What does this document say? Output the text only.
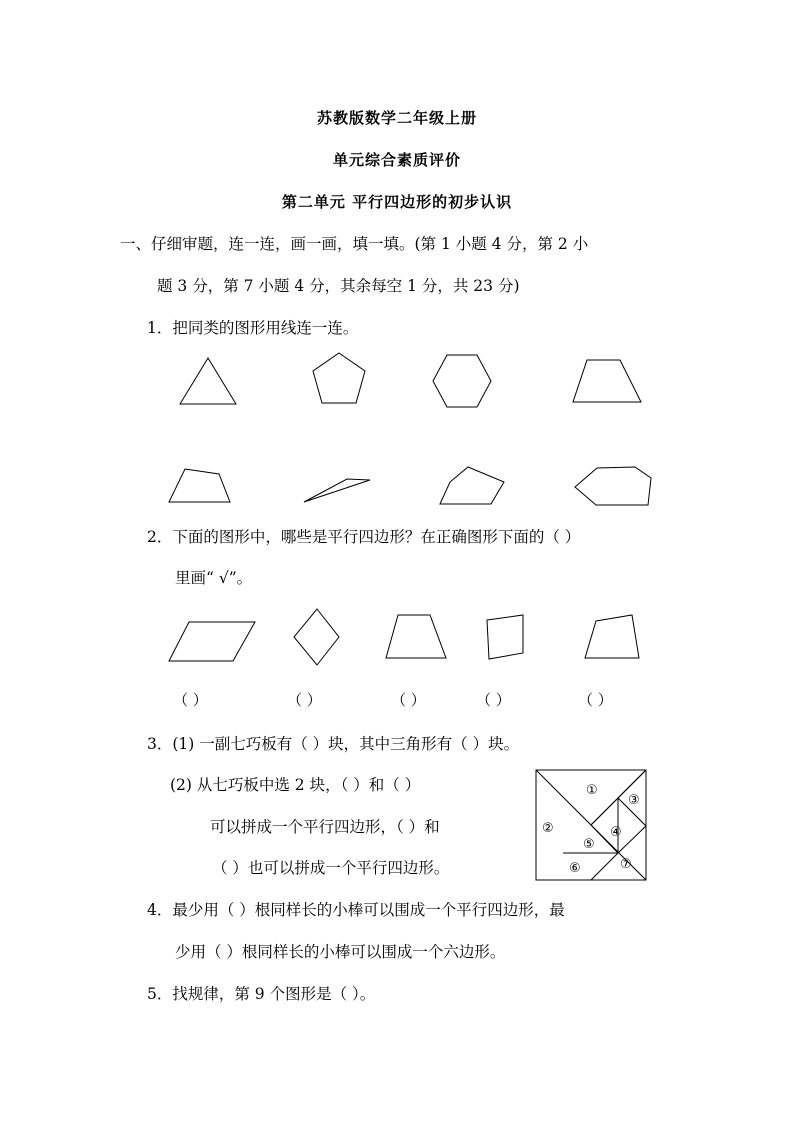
苏教版数学二年级上册
单元综合素质评价
第二单元 平行四边形的初步认识
一、仔细审题，连一连，画一画，填一填。(第 1 小题 4 分，第 2 小
题 3 分，第 7 小题 4 分，其余每空 1 分，共 23 分)
1．把同类的图形用线连一连。
2．下面的图形中，哪些是平行四边形？在正确图形下面的（ ）
里画“ √”。
（ ）	（ ）	（ ）	（ ）	（ ）
3．(1) 一副七巧板有（ ）块，其中三角形有（ ）块。
(2) 从七巧板中选 2 块，（ ）和（ ）
可以拼成一个平行四边形，（ ）和
（ ）也可以拼成一个平行四边形。
①
②
③
④
⑤
⑥	⑦
4．最少用（ ）根同样长的小棒可以围成一个平行四边形，最
少用（ ）根同样长的小棒可以围成一个六边形。
5．找规律，第 9 个图形是（ ）。
